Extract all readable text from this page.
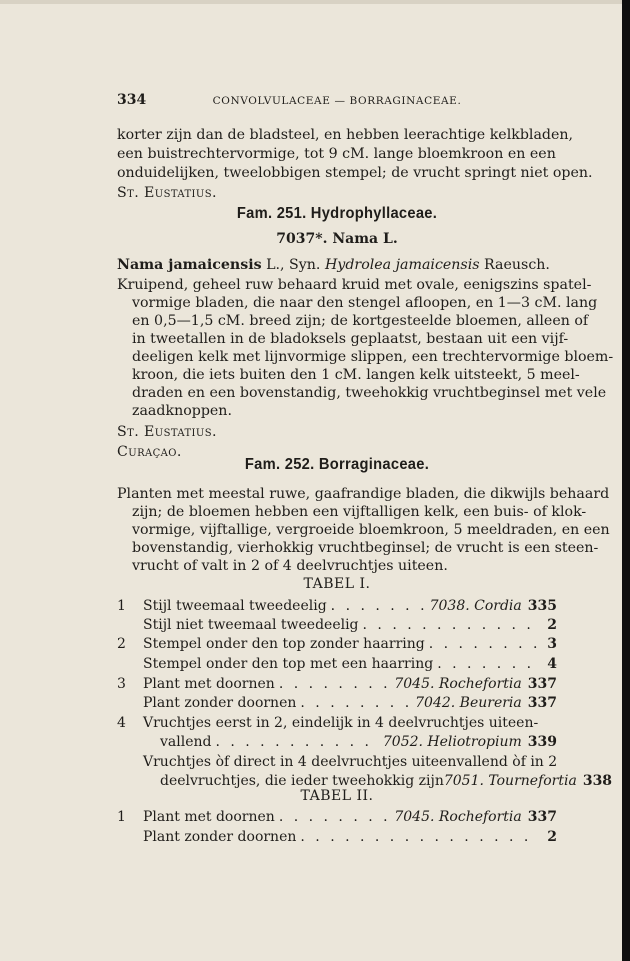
334	CONVOLVULACEAE — BORRAGINACEAE.
korter zijn dan de bladsteel, en hebben leerachtige kelkbladen,
een buistrechtervormige, tot 9 cM. lange bloemkroon en een
onduidelijken, tweelobbigen stempel; de vrucht springt niet open.
St. Eustatius.
Fam. 251. Hydrophyllaceae.
7037*. Nama L.
Nama jamaicensis L., Syn. Hydrolea jamaicensis Raeusch.
Kruipend, geheel ruw behaard kruid met ovale, eenigszins spatel-
vormige bladen, die naar den stengel afloopen, en 1—3 cM. lang
en 0,5—1,5 cM. breed zijn; de kortgesteelde bloemen, alleen of
in tweetallen in de bladoksels geplaatst, bestaan uit een vijf-
deeligen kelk met lijnvormige slippen, een trechtervormige bloem-
kroon, die iets buiten den 1 cM. langen kelk uitsteekt, 5 meel-
draden en een bovenstandig, tweehokkig vruchtbeginsel met vele
zaadknoppen.
St. Eustatius.
Curaçao.
Fam. 252. Borraginaceae.
Planten met meestal ruwe, gaafrandige bladen, die dikwijls behaard
zijn; de bloemen hebben een vijftalligen kelk, een buis- of klok-
vormige, vijftallige, vergroeide bloemkroon, 5 meeldraden, en een
bovenstandig, vierhokkig vruchtbeginsel; de vrucht is een steen-
vrucht of valt in 2 of 4 deelvruchtjes uiteen.
TABEL I.
1 Stijl tweemaal tweedeelig . . .	7038. Cordia 335
Stijl niet tweemaal tweedeelig . . .	2
2 Stempel onder den top zonder haarring . . .	3
Stempel onder den top met een haarring . . .	4
3 Plant met doornen . . .	7045. Rochefortia 337
Plant zonder doornen . . .	7042. Beureria 337
4 Vruchtjes eerst in 2, eindelijk in 4 deelvruchtjes uiteen-
vallend . . .	7052. Heliotropium 339
Vruchtjes òf direct in 4 deelvruchtjes uiteenvallend òf in 2
deelvruchtjes, die ieder tweehokkig zijn 7051. Tournefortia 338
TABEL II.
1 Plant met doornen . . .	7045. Rochefortia 337
Plant zonder doornen . . .	2
